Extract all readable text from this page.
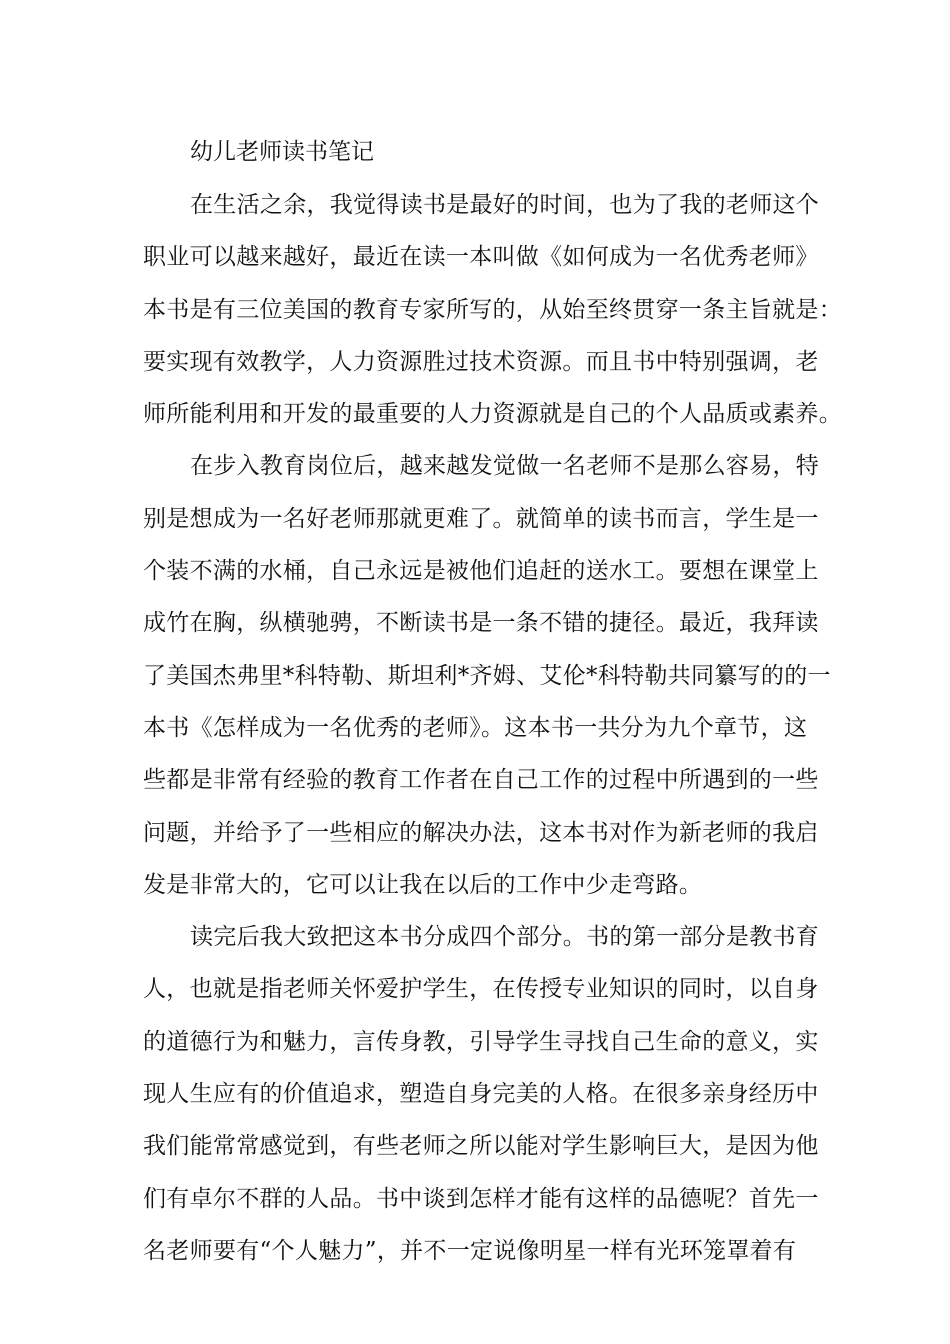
幼儿老师读书笔记
在生活之余，我觉得读书是最好的时间，也为了我的老师这个
职业可以越来越好，最近在读一本叫做《如何成为一名优秀老师》
本书是有三位美国的教育专家所写的，从始至终贯穿一条主旨就是：
要实现有效教学，人力资源胜过技术资源。而且书中特别强调，老
师所能利用和开发的最重要的人力资源就是自己的个人品质或素养。
在步入教育岗位后，越来越发觉做一名老师不是那么容易，特
别是想成为一名好老师那就更难了。就简单的读书而言，学生是一
个装不满的水桶，自己永远是被他们追赶的送水工。要想在课堂上
成竹在胸，纵横驰骋，不断读书是一条不错的捷径。最近，我拜读
了美国杰弗里*科特勒、斯坦利*齐姆、艾伦*科特勒共同纂写的的一
本书《怎样成为一名优秀的老师》。这本书一共分为九个章节，这
些都是非常有经验的教育工作者在自己工作的过程中所遇到的一些
问题，并给予了一些相应的解决办法，这本书对作为新老师的我启
发是非常大的，它可以让我在以后的工作中少走弯路。
读完后我大致把这本书分成四个部分。书的第一部分是教书育
人，也就是指老师关怀爱护学生，在传授专业知识的同时，以自身
的道德行为和魅力，言传身教，引导学生寻找自己生命的意义，实
现人生应有的价值追求，塑造自身完美的人格。在很多亲身经历中
我们能常常感觉到，有些老师之所以能对学生影响巨大，是因为他
们有卓尔不群的人品。书中谈到怎样才能有这样的品德呢？首先一
名老师要有“个人魅力”，并不一定说像明星一样有光环笼罩着有
